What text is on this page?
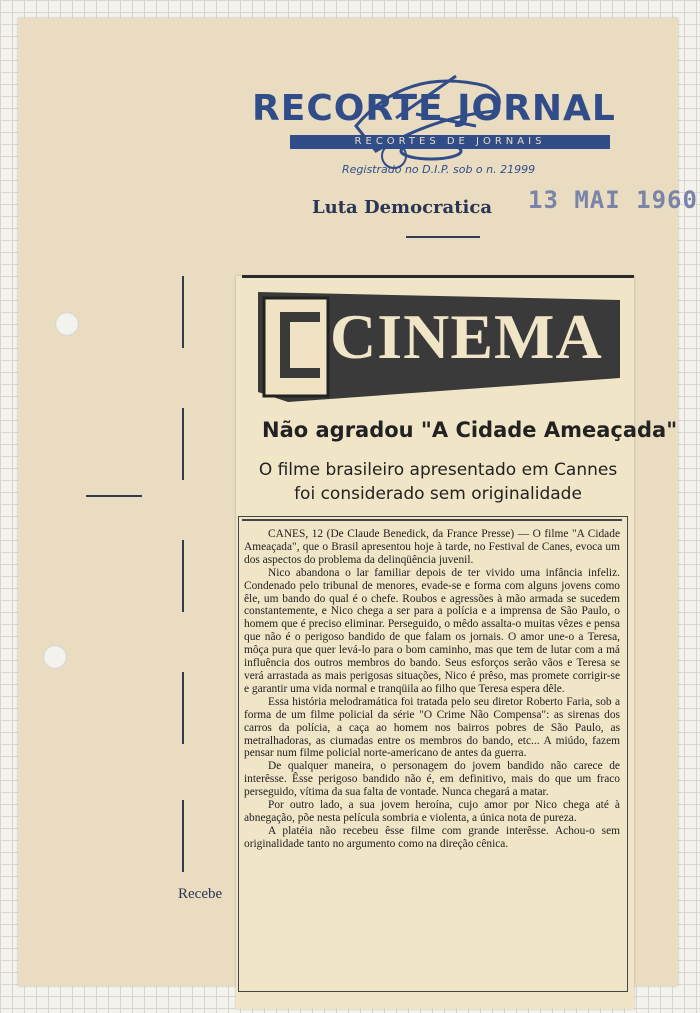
RECORTE JORNAL
RECORTES DE JORNAIS
Registrado no D.I.P. sob o n. 21999
Luta Democratica 13 MAI 1960
Recebe
CINEMA
Não agradou "A Cidade Ameaçada"
O filme brasileiro apresentado em Cannes foi considerado sem originalidade

CANES, 12 (De Claude Benedick, da France Presse) — O filme "A Cidade Ameaçada", que o Brasil apresentou hoje à tarde, no Festival de Canes, evoca um dos aspectos do problema da delinqüência juvenil.

Nico abandona o lar familiar depois de ter vivido uma infância infeliz. Condenado pelo tribunal de menores, evade-se e forma com alguns jovens como êle, um bando do qual é o chefe. Roubos e agressões à mão armada se sucedem constantemente, e Nico chega a ser para a polícia e a imprensa de São Paulo, o homem que é preciso eliminar. Perseguido, o mêdo assalta-o muitas vêzes e pensa que não é o perigoso bandido de que falam os jornais. O amor une-o a Teresa, môça pura que quer levá-lo para o bom caminho, mas que tem de lutar com a má influência dos outros membros do bando. Seus esforços serão vãos e Teresa se verá arrastada as mais perigosas situações, Nico é prêso, mas promete corrigir-se e garantir uma vida normal e tranqüila ao filho que Teresa espera dêle.

Essa história melodramática foi tratada pelo seu diretor Roberto Faria, sob a forma de um filme policial da série "O Crime Não Compensa": as sirenas dos carros da polícia, a caça ao homem nos bairros pobres de São Paulo, as metralhadoras, as ciumadas entre os membros do bando, etc... A miúdo, fazem pensar num filme policial norte-americano de antes da guerra.

De qualquer maneira, o personagem do jovem bandido não carece de interêsse. Êsse perigoso bandido não é, em definitivo, mais do que um fraco perseguido, vítima da sua falta de vontade. Nunca chegará a matar.

Por outro lado, a sua jovem heroína, cujo amor por Nico chega até à abnegação, põe nesta película sombria e violenta, a única nota de pureza.

A platéia não recebeu êsse filme com grande interêsse. Achou-o sem originalidade tanto no argumento como na direção cênica.
